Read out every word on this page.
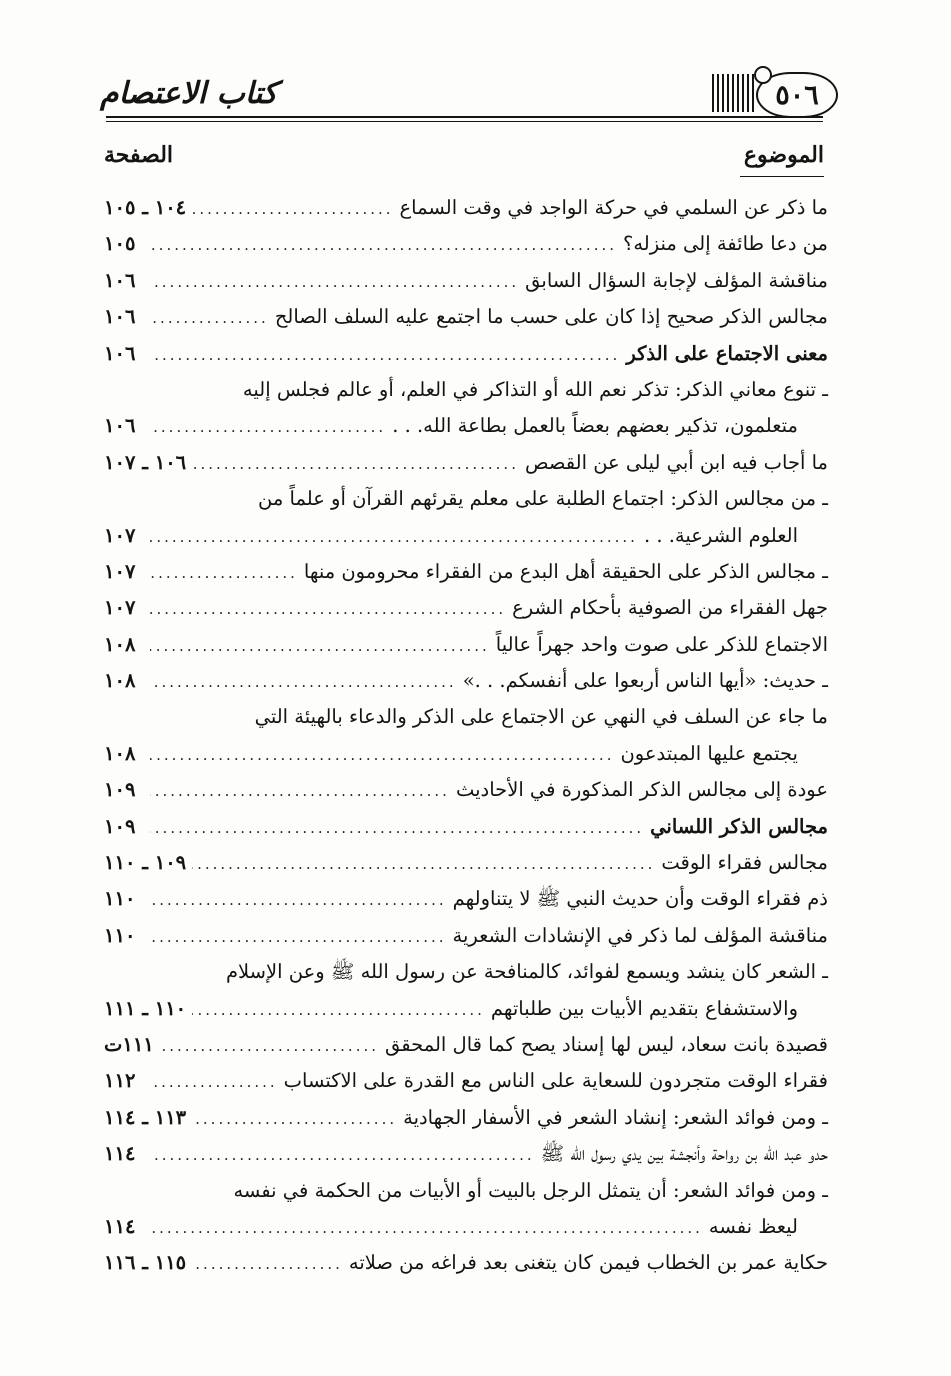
كتاب الاعتصام	٥٠٦
الموضوع
الصفحة
ما ذكر عن السلمي في حركة الواجد في وقت السماع
.....
١٠٤ ـ ١٠٥
من دعا طائفة إلى منزله؟
.....
١٠٥
مناقشة المؤلف لإجابة السؤال السابق
.....
١٠٦
مجالس الذكر صحيح إذا كان على حسب ما اجتمع عليه السلف الصالح
.....
١٠٦
معنى الاجتماع على الذكر
.....
١٠٦
ـ تنوع معاني الذكر: تذكر نعم الله أو التذاكر في العلم، أو عالم فجلس إليه
متعلمون، تذكير بعضهم بعضاً بالعمل بطاعة الله. . .
.....
١٠٦
ما أجاب فيه ابن أبي ليلى عن القصص
.....
١٠٦ ـ ١٠٧
ـ من مجالس الذكر: اجتماع الطلبة على معلم يقرئهم القرآن أو علماً من
العلوم الشرعية. . .
.....
١٠٧
ـ مجالس الذكر على الحقيقة أهل البدع من الفقراء محرومون منها
.....
١٠٧
جهل الفقراء من الصوفية بأحكام الشرع
.....
١٠٧
الاجتماع للذكر على صوت واحد جهراً عالياً
.....
١٠٨
ـ حديث: «أيها الناس أربعوا على أنفسكم. . .»
.....
١٠٨
ما جاء عن السلف في النهي عن الاجتماع على الذكر والدعاء بالهيئة التي
يجتمع عليها المبتدعون
.....
١٠٨
عودة إلى مجالس الذكر المذكورة في الأحاديث
.....
١٠٩
مجالس الذكر اللساني
.....
١٠٩
مجالس فقراء الوقت
.....
١٠٩ ـ ١١٠
ذم فقراء الوقت وأن حديث النبي ﷺ لا يتناولهم
.....
١١٠
مناقشة المؤلف لما ذكر في الإنشادات الشعرية
.....
١١٠
ـ الشعر كان ينشد ويسمع لفوائد، كالمنافحة عن رسول الله ﷺ وعن الإسلام
والاستشفاع بتقديم الأبيات بين طلباتهم
.....
١١٠ ـ ١١١
قصيدة بانت سعاد، ليس لها إسناد يصح كما قال المحقق
.....
١١١ت
فقراء الوقت متجردون للسعاية على الناس مع القدرة على الاكتساب
.....
١١٢
ـ ومن فوائد الشعر: إنشاد الشعر في الأسفار الجهادية
.....
١١٣ ـ ١١٤
حدو عبد الله بن رواحة وأنجشة بين يدي رسول الله ﷺ
.....
١١٤
ـ ومن فوائد الشعر: أن يتمثل الرجل بالبيت أو الأبيات من الحكمة في نفسه
ليعظ نفسه
.....
١١٤
حكاية عمر بن الخطاب فيمن كان يتغنى بعد فراغه من صلاته
.....
١١٥ ـ ١١٦
